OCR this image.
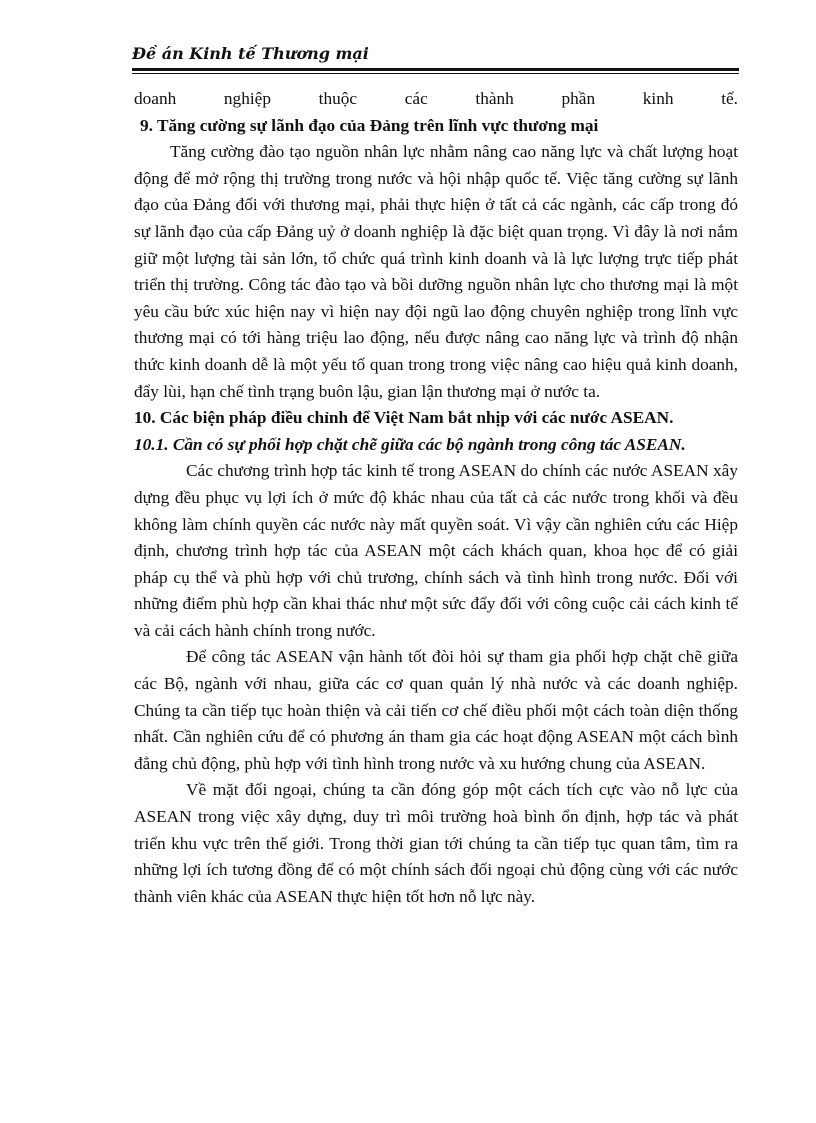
Đề án Kinh tế Thương mại

doanh nghiệp thuộc các thành phần kinh tế.

9. Tăng cường sự lãnh đạo của Đảng trên lĩnh vực thương mại

Tăng cường đào tạo nguồn nhân lực nhằm nâng cao năng lực và chất lượng hoạt động để mở rộng thị trường trong nước và hội nhập quốc tế. Việc tăng cường sự lãnh đạo của Đảng đối với thương mại, phải thực hiện ở tất cả các ngành, các cấp trong đó sự lãnh đạo của cấp Đảng uỷ ở doanh nghiệp là đặc biệt quan trọng. Vì đây là nơi nắm giữ một lượng tài sản lớn, tổ chức quá trình kinh doanh và là lực lượng trực tiếp phát triển thị trường. Công tác đào tạo và bồi dưỡng nguồn nhân lực cho thương mại là một yêu cầu bức xúc hiện nay vì hiện nay đội ngũ lao động chuyên nghiệp trong lĩnh vực thương mại có tới hàng triệu lao động, nếu được nâng cao năng lực và trình độ nhận thức kinh doanh dễ là một yếu tố quan trong trong việc nâng cao hiệu quả kinh doanh, đẩy lùi, hạn chế tình trạng buôn lậu, gian lận thương mại ở nước ta.

10. Các biện pháp điều chỉnh để Việt Nam bắt nhịp với các nước ASEAN.

10.1. Cần có sự phối hợp chặt chẽ giữa các bộ ngành trong công tác ASEAN.

Các chương trình hợp tác kinh tế trong ASEAN do chính các nước ASEAN xây dựng đều phục vụ lợi ích ở mức độ khác nhau của tất cả các nước trong khối và đều không làm chính quyền các nước này mất quyền soát. Vì vậy cần nghiên cứu các Hiệp định, chương trình hợp tác của ASEAN một cách khách quan, khoa học để có giải pháp cụ thể và phù hợp với chủ trương, chính sách và tình hình trong nước. Đối với những điểm phù hợp cần khai thác như một sức đẩy đối với công cuộc cải cách kinh tế và cải cách hành chính trong nước.

Để công tác ASEAN vận hành tốt đòi hỏi sự tham gia phối hợp chặt chẽ giữa các Bộ, ngành với nhau, giữa các cơ quan quản lý nhà nước và các doanh nghiệp. Chúng ta cần tiếp tục hoàn thiện và cải tiến cơ chế điều phối một cách toàn diện thống nhất. Cần nghiên cứu để có phương án tham gia các hoạt động ASEAN một cách bình đẳng chủ động, phù hợp với tình hình trong nước và xu hướng chung của ASEAN.

Về mặt đối ngoại, chúng ta cần đóng góp một cách tích cực vào nỗ lực của ASEAN trong việc xây dựng, duy trì môi trường hoà bình ổn định, hợp tác và phát triển khu vực trên thế giới. Trong thời gian tới chúng ta cần tiếp tục quan tâm, tìm ra những lợi ích tương đồng để có một chính sách đối ngoại chủ động cùng với các nước thành viên khác của ASEAN thực hiện tốt hơn nỗ lực này.
